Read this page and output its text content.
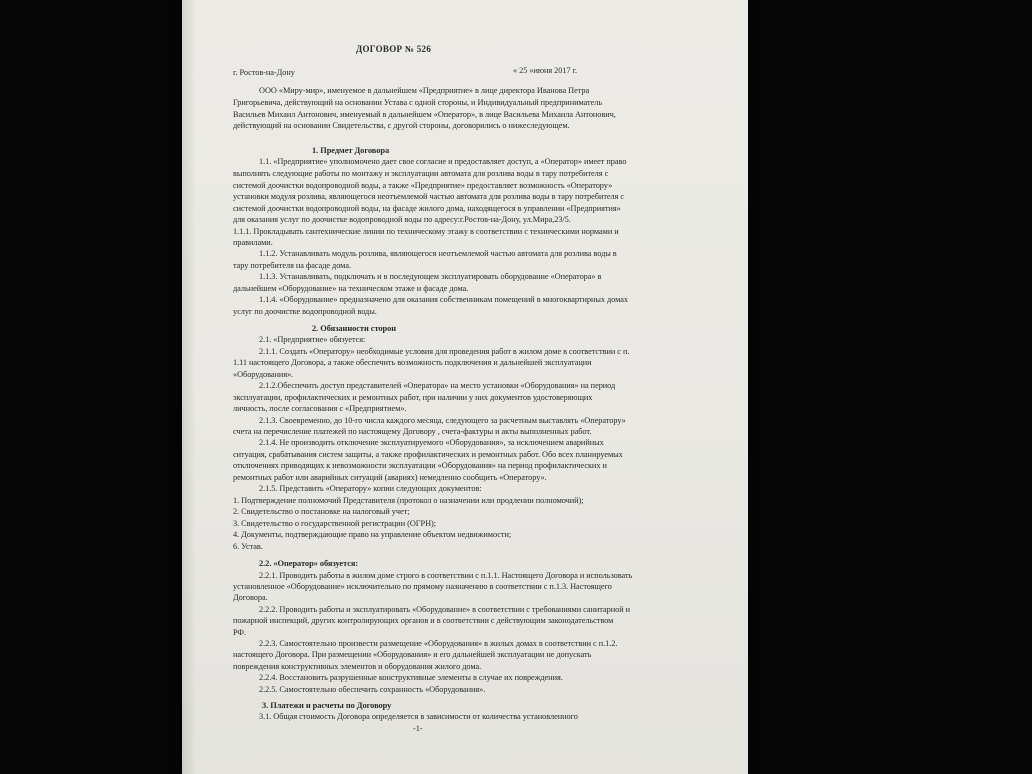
ДОГОВОР № 526
г. Ростов-на-Дону	« 25 »июня 2017 г.
ООО «Миру-мир», именуемое в дальнейшем «Предприятие» в лице директора Иванова Петра
Григорьевича, действующий на основании Устава с одной стороны, и Индивидуальный предприниматель
Васильев Михаил Антонович, именуемый в дальнейшем «Оператор», в лице Васильева Михаила Антонович,
действующий на основании Свидетельства, с другой стороны, договорились о нижеследующем.
1. Предмет Договора
1.1. «Предприятие» уполномочено дает свое согласие и предоставляет доступ, а «Оператор» имеет право
выполнять следующие работы по монтажу и эксплуатации автомата для розлива воды в тару потребителя с
системой доочистки водопроводной воды, а также «Предприятие» предоставляет возможность «Оператору»
установки модуля розлива, являющегося неотъемлемой частью автомата для розлива воды в тару потребителя с
системой доочистки водопроводной воды, на фасаде жилого дома, находящегося в управлении «Предприятия»
для оказания услуг по доочистке водопроводной воды по адресу:г.Ростов-на-Дону, ул.Мира,23/5.
1.1.1. Прокладывать сантехнические линии по техническому этажу в соответствии с техническими нормами и
правилами.
1.1.2. Устанавливать модуль розлива, являющегося неотъемлемой частью автомата для розлива воды в
тару потребителя на фасаде дома.
1.1.3. Устанавливать, подключать и в последующем эксплуатировать оборудование «Оператора» в
дальнейшем «Оборудование» на техническом этаже и фасаде дома.
1.1.4. «Оборудование» предназначено для оказания собственникам помещений в многоквартирных домах
услуг по доочистке водопроводной воды.
2. Обязанности сторон
2.1. «Предприятие» обязуется:
2.1.1. Создать «Оператору» необходимые условия для проведения работ в жилом доме в соответствии с п.
1.11 настоящего Договора, а также обеспечить возможность подключения и дальнейшей эксплуатации
«Оборудования».
2.1.2.Обеспечить доступ представителей «Оператора» на место установки «Оборудования» на период
эксплуатации, профилактических и ремонтных работ, при наличии у них документов удостоверяющих
личность, после согласования с «Предприятием».
2.1.3. Своевременно, до 10-го числа каждого месяца, следующего за расчетным выставлять «Оператору»
счета на перечисление платежей по настоящему Договору , счета-фактуры и акты выполненных работ.
2.1.4. Не производить отключение эксплуатируемого «Оборудования», за исключением аварийных
ситуация, срабатывания систем защиты, а также профилактических и ремонтных работ. Обо всех планируемых
отключениях приводящих к невозможности эксплуатации «Оборудования» на период профилактических и
ремонтных работ или аварийных ситуаций (авариях) немедленно сообщить «Оператору».
2.1.5. Представить «Оператору» копии следующих документов:
1. Подтверждение полномочий Представителя (протокол о назначении или продлении полномочий);
2. Свидетельство о постановке на налоговый учет;
3. Свидетельство о государственной регистрации (ОГРН);
4. Документы, подтверждающие право на управление объектом недвижимости;
6. Устав.
2.2. «Оператор» обязуется:
2.2.1. Проводить работы в жилом доме строго в соответствии с п.1.1. Настоящего Договора и использовать
установленное «Оборудование» исключительно по прямому назначению в соответствии с п.1.3. Настоящего
Договора.
2.2.2. Проводить работы и эксплуатировать «Оборудование» в соответствии с требованиями санитарной и
пожарной инспекций, других контролирующих органов и в соответствии с действующим законодательством
РФ.
2.2.3. Самостоятельно произвести размещение «Оборудования» в жилых домах в соответствии с п.1.2.
настоящего Договора. При размещении «Оборудования» и его дальнейшей эксплуатации не допускать
повреждения конструктивных элементов и оборудования жилого дома.
2.2.4. Восстановить разрушенные конструктивные элементы в случае их повреждения.
2.2.5. Самостоятельно обеспечить сохранность «Оборудования».
3. Платежи и расчеты по Договору
3.1. Общая стоимость Договора определяется в зависимости от количества установленного
-1-
